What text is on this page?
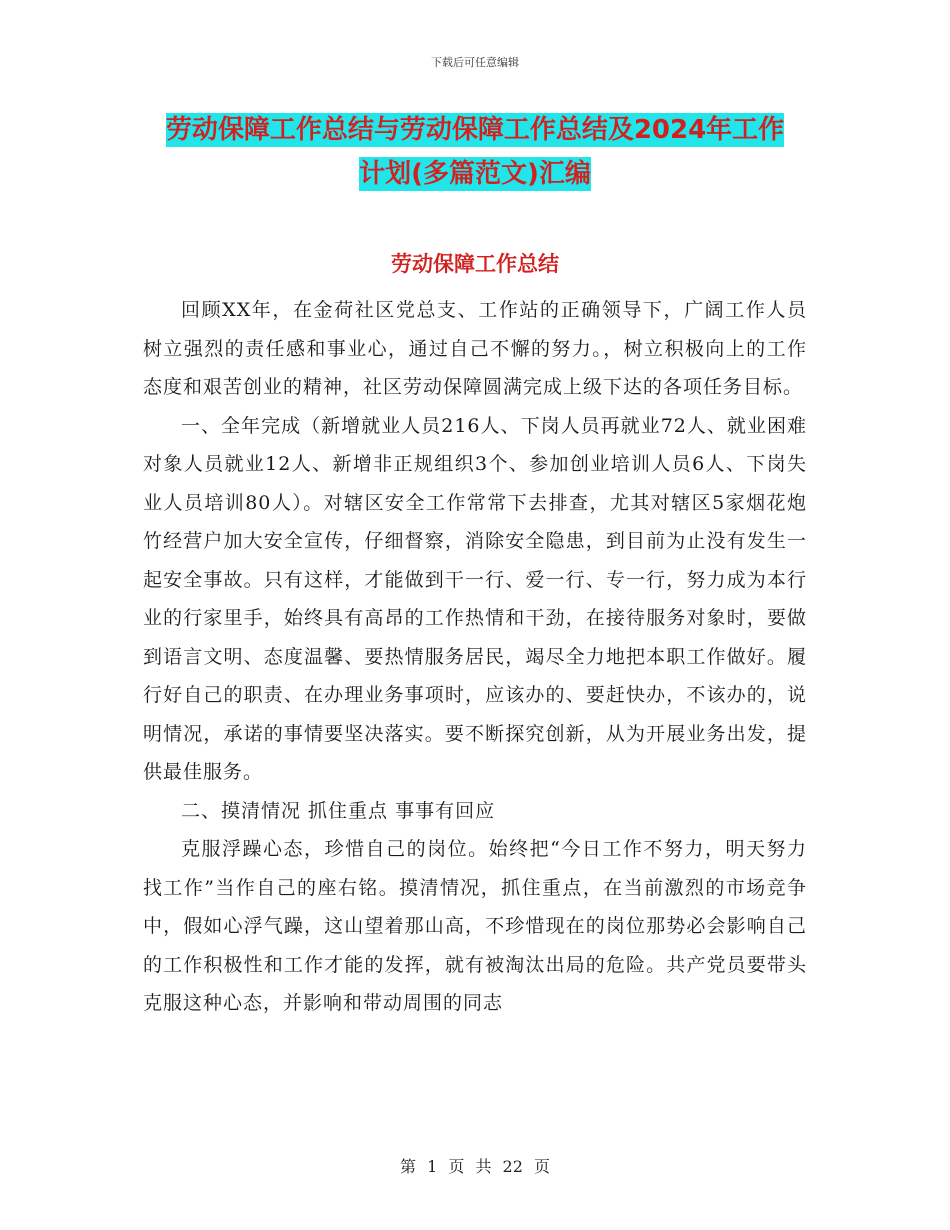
下载后可任意编辑
劳动保障工作总结与劳动保障工作总结及2024年工作
计划(多篇范文)汇编
劳动保障工作总结

回顾XX年，在金荷社区党总支、工作站的正确领导下，广阔工作人员树立强烈的责任感和事业心，通过自己不懈的努力。，树立积极向上的工作态度和艰苦创业的精神，社区劳动保障圆满完成上级下达的各项任务目标。

一、全年完成（新增就业人员216人、下岗人员再就业72人、就业困难对象人员就业12人、新增非正规组织3个、参加创业培训人员6人、下岗失业人员培训80人）。对辖区安全工作常常下去排查，尤其对辖区5家烟花炮竹经营户加大安全宣传，仔细督察，消除安全隐患，到目前为止没有发生一起安全事故。只有这样，才能做到干一行、爱一行、专一行，努力成为本行业的行家里手，始终具有高昂的工作热情和干劲，在接待服务对象时，要做到语言文明、态度温馨、要热情服务居民，竭尽全力地把本职工作做好。履行好自己的职责、在办理业务事项时，应该办的、要赶快办，不该办的，说明情况，承诺的事情要坚决落实。要不断探究创新，从为开展业务出发，提供最佳服务。

二、摸清情况 抓住重点 事事有回应

克服浮躁心态，珍惜自己的岗位。始终把“今日工作不努力，明天努力找工作”当作自己的座右铭。摸清情况，抓住重点，在当前激烈的市场竞争中，假如心浮气躁，这山望着那山高，不珍惜现在的岗位那势必会影响自己的工作积极性和工作才能的发挥，就有被淘汰出局的危险。共产党员要带头克服这种心态，并影响和带动周围的同志

第 1 页 共 22 页
